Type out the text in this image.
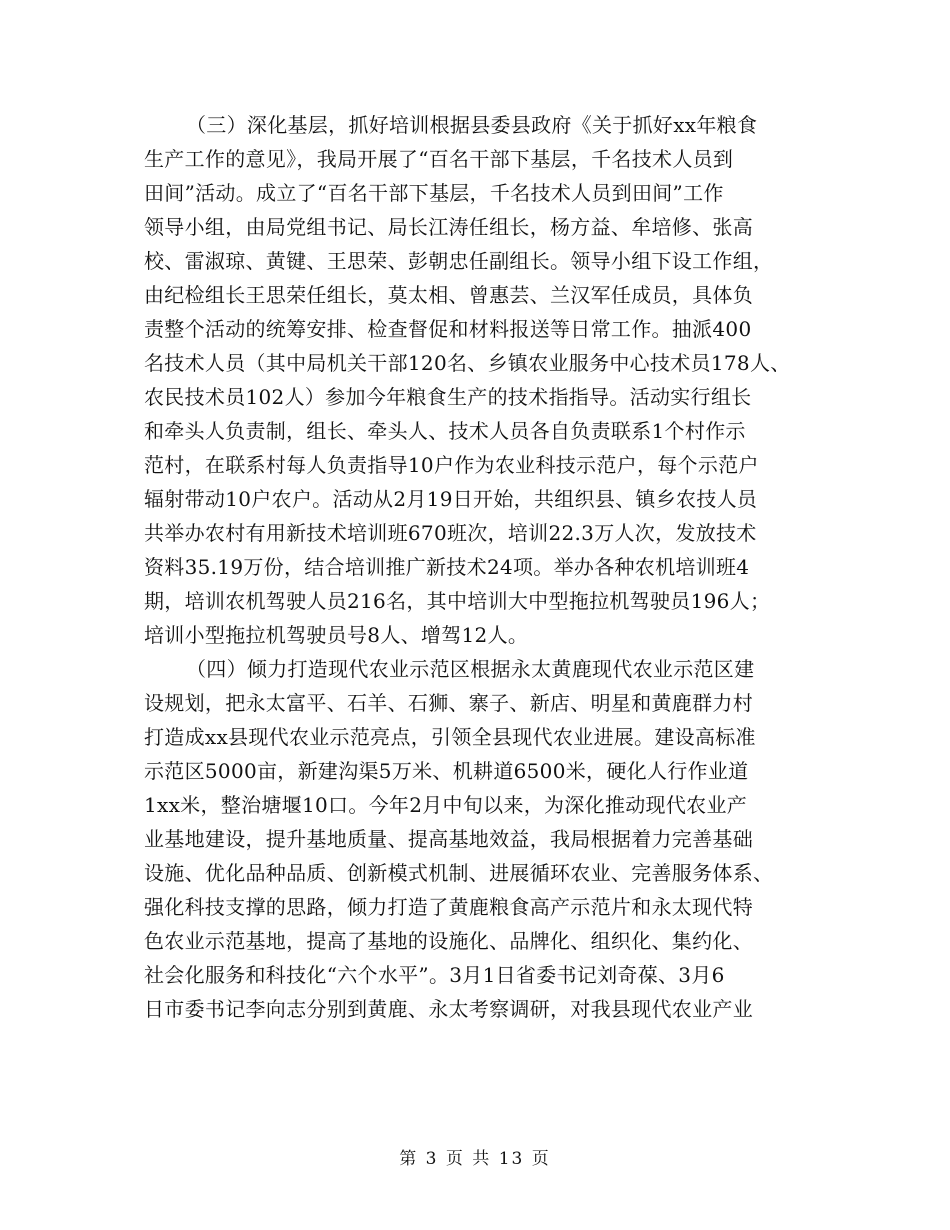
（三）深化基层，抓好培训根据县委县政府《关于抓好xx年粮食
生产工作的意见》，我局开展了“百名干部下基层，千名技术人员到
田间”活动。成立了“百名干部下基层，千名技术人员到田间”工作
领导小组，由局党组书记、局长江涛任组长，杨方益、牟培修、张高
校、雷淑琼、黄键、王思荣、彭朝忠任副组长。领导小组下设工作组，
由纪检组长王思荣任组长，莫太相、曾惠芸、兰汉军任成员，具体负
责整个活动的统筹安排、检查督促和材料报送等日常工作。抽派400
名技术人员（其中局机关干部120名、乡镇农业服务中心技术员178人、
农民技术员102人）参加今年粮食生产的技术指指导。活动实行组长
和牵头人负责制，组长、牵头人、技术人员各自负责联系1个村作示
范村，在联系村每人负责指导10户作为农业科技示范户，每个示范户
辐射带动10户农户。活动从2月19日开始，共组织县、镇乡农技人员
共举办农村有用新技术培训班670班次，培训22.3万人次，发放技术
资料35.19万份，结合培训推广新技术24项。举办各种农机培训班4
期，培训农机驾驶人员216名，其中培训大中型拖拉机驾驶员196人；
培训小型拖拉机驾驶员号8人、增驾12人。
（四）倾力打造现代农业示范区根据永太黄鹿现代农业示范区建
设规划，把永太富平、石羊、石狮、寨子、新店、明星和黄鹿群力村
打造成xx县现代农业示范亮点，引领全县现代农业进展。建设高标准
示范区5000亩，新建沟渠5万米、机耕道6500米，硬化人行作业道
1xx米，整治塘堰10口。今年2月中旬以来，为深化推动现代农业产
业基地建设，提升基地质量、提高基地效益，我局根据着力完善基础
设施、优化品种品质、创新模式机制、进展循环农业、完善服务体系、
强化科技支撑的思路，倾力打造了黄鹿粮食高产示范片和永太现代特
色农业示范基地，提高了基地的设施化、品牌化、组织化、集约化、
社会化服务和科技化“六个水平”。3月1日省委书记刘奇葆、3月6
日市委书记李向志分别到黄鹿、永太考察调研，对我县现代农业产业
第 3 页 共 13 页
